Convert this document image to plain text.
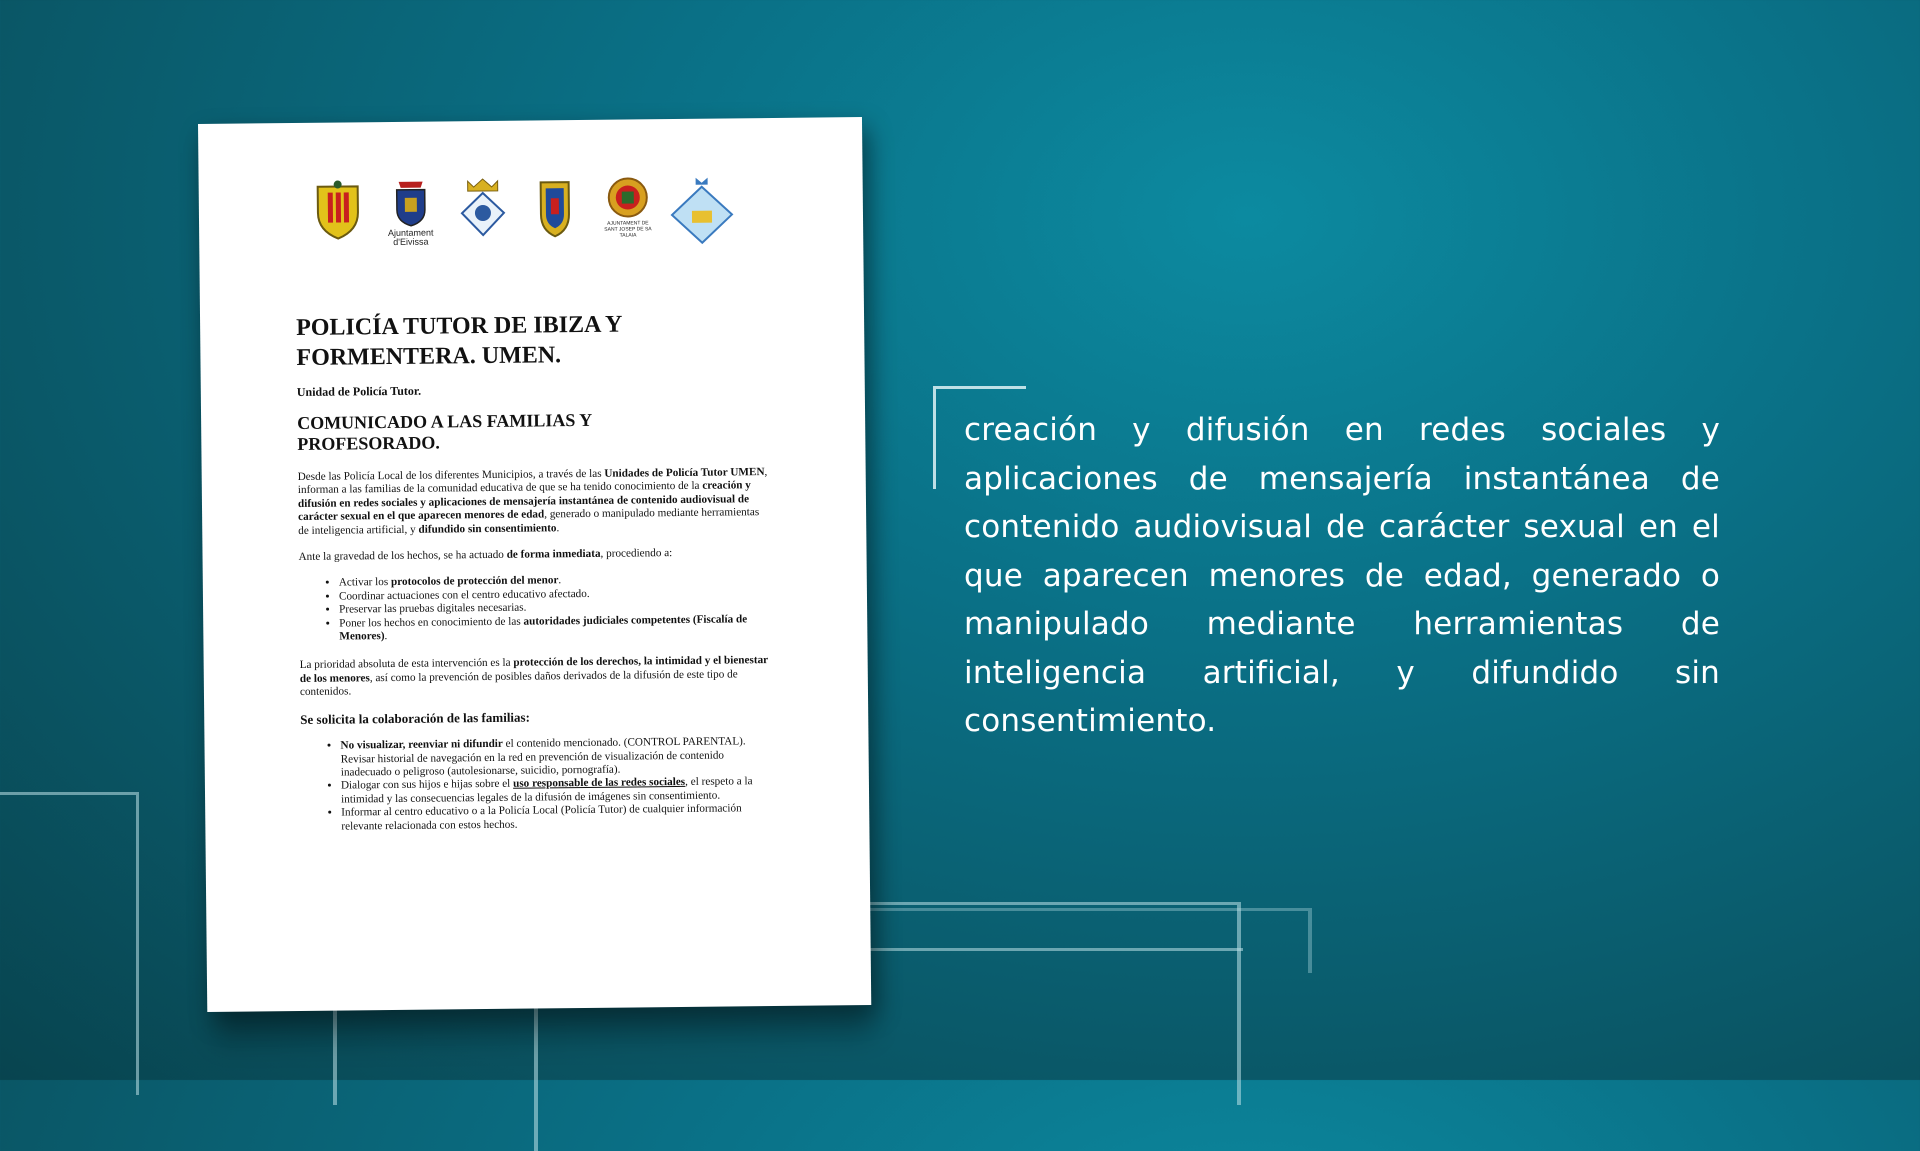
Ajuntament d'Eivissa
AJUNTAMENT DE SANT JOSEP DE SA TALAIA
POLICÍA TUTOR DE IBIZA Y FORMENTERA. UMEN.
Unidad de Policía Tutor.
COMUNICADO A LAS FAMILIAS Y PROFESORADO.

Desde las Policía Local de los diferentes Municipios, a través de las Unidades de Policía Tutor UMEN, informan a las familias de la comunidad educativa de que se ha tenido conocimiento de la creación y difusión en redes sociales y aplicaciones de mensajería instantánea de contenido audiovisual de carácter sexual en el que aparecen menores de edad, generado o manipulado mediante herramientas de inteligencia artificial, y difundido sin consentimiento.

Ante la gravedad de los hechos, se ha actuado de forma inmediata, procediendo a:

• Activar los protocolos de protección del menor.
• Coordinar actuaciones con el centro educativo afectado.
• Preservar las pruebas digitales necesarias.
• Poner los hechos en conocimiento de las autoridades judiciales competentes (Fiscalía de Menores).

La prioridad absoluta de esta intervención es la protección de los derechos, la intimidad y el bienestar de los menores, así como la prevención de posibles daños derivados de la difusión de este tipo de contenidos.

Se solicita la colaboración de las familias:

• No visualizar, reenviar ni difundir el contenido mencionado. (CONTROL PARENTAL). Revisar historial de navegación en la red en prevención de visualización de contenido inadecuado o peligroso (autolesionarse, suicidio, pornografía).
• Dialogar con sus hijos e hijas sobre el uso responsable de las redes sociales, el respeto a la intimidad y las consecuencias legales de la difusión de imágenes sin consentimiento.
• Informar al centro educativo o a la Policía Local (Policía Tutor) de cualquier información relevante relacionada con estos hechos.
creación y difusión en redes sociales y aplicaciones de mensajería instantánea de contenido audiovisual de carácter sexual en el que aparecen menores de edad, generado o manipulado mediante herramientas de inteligencia artificial, y difundido sin consentimiento.
